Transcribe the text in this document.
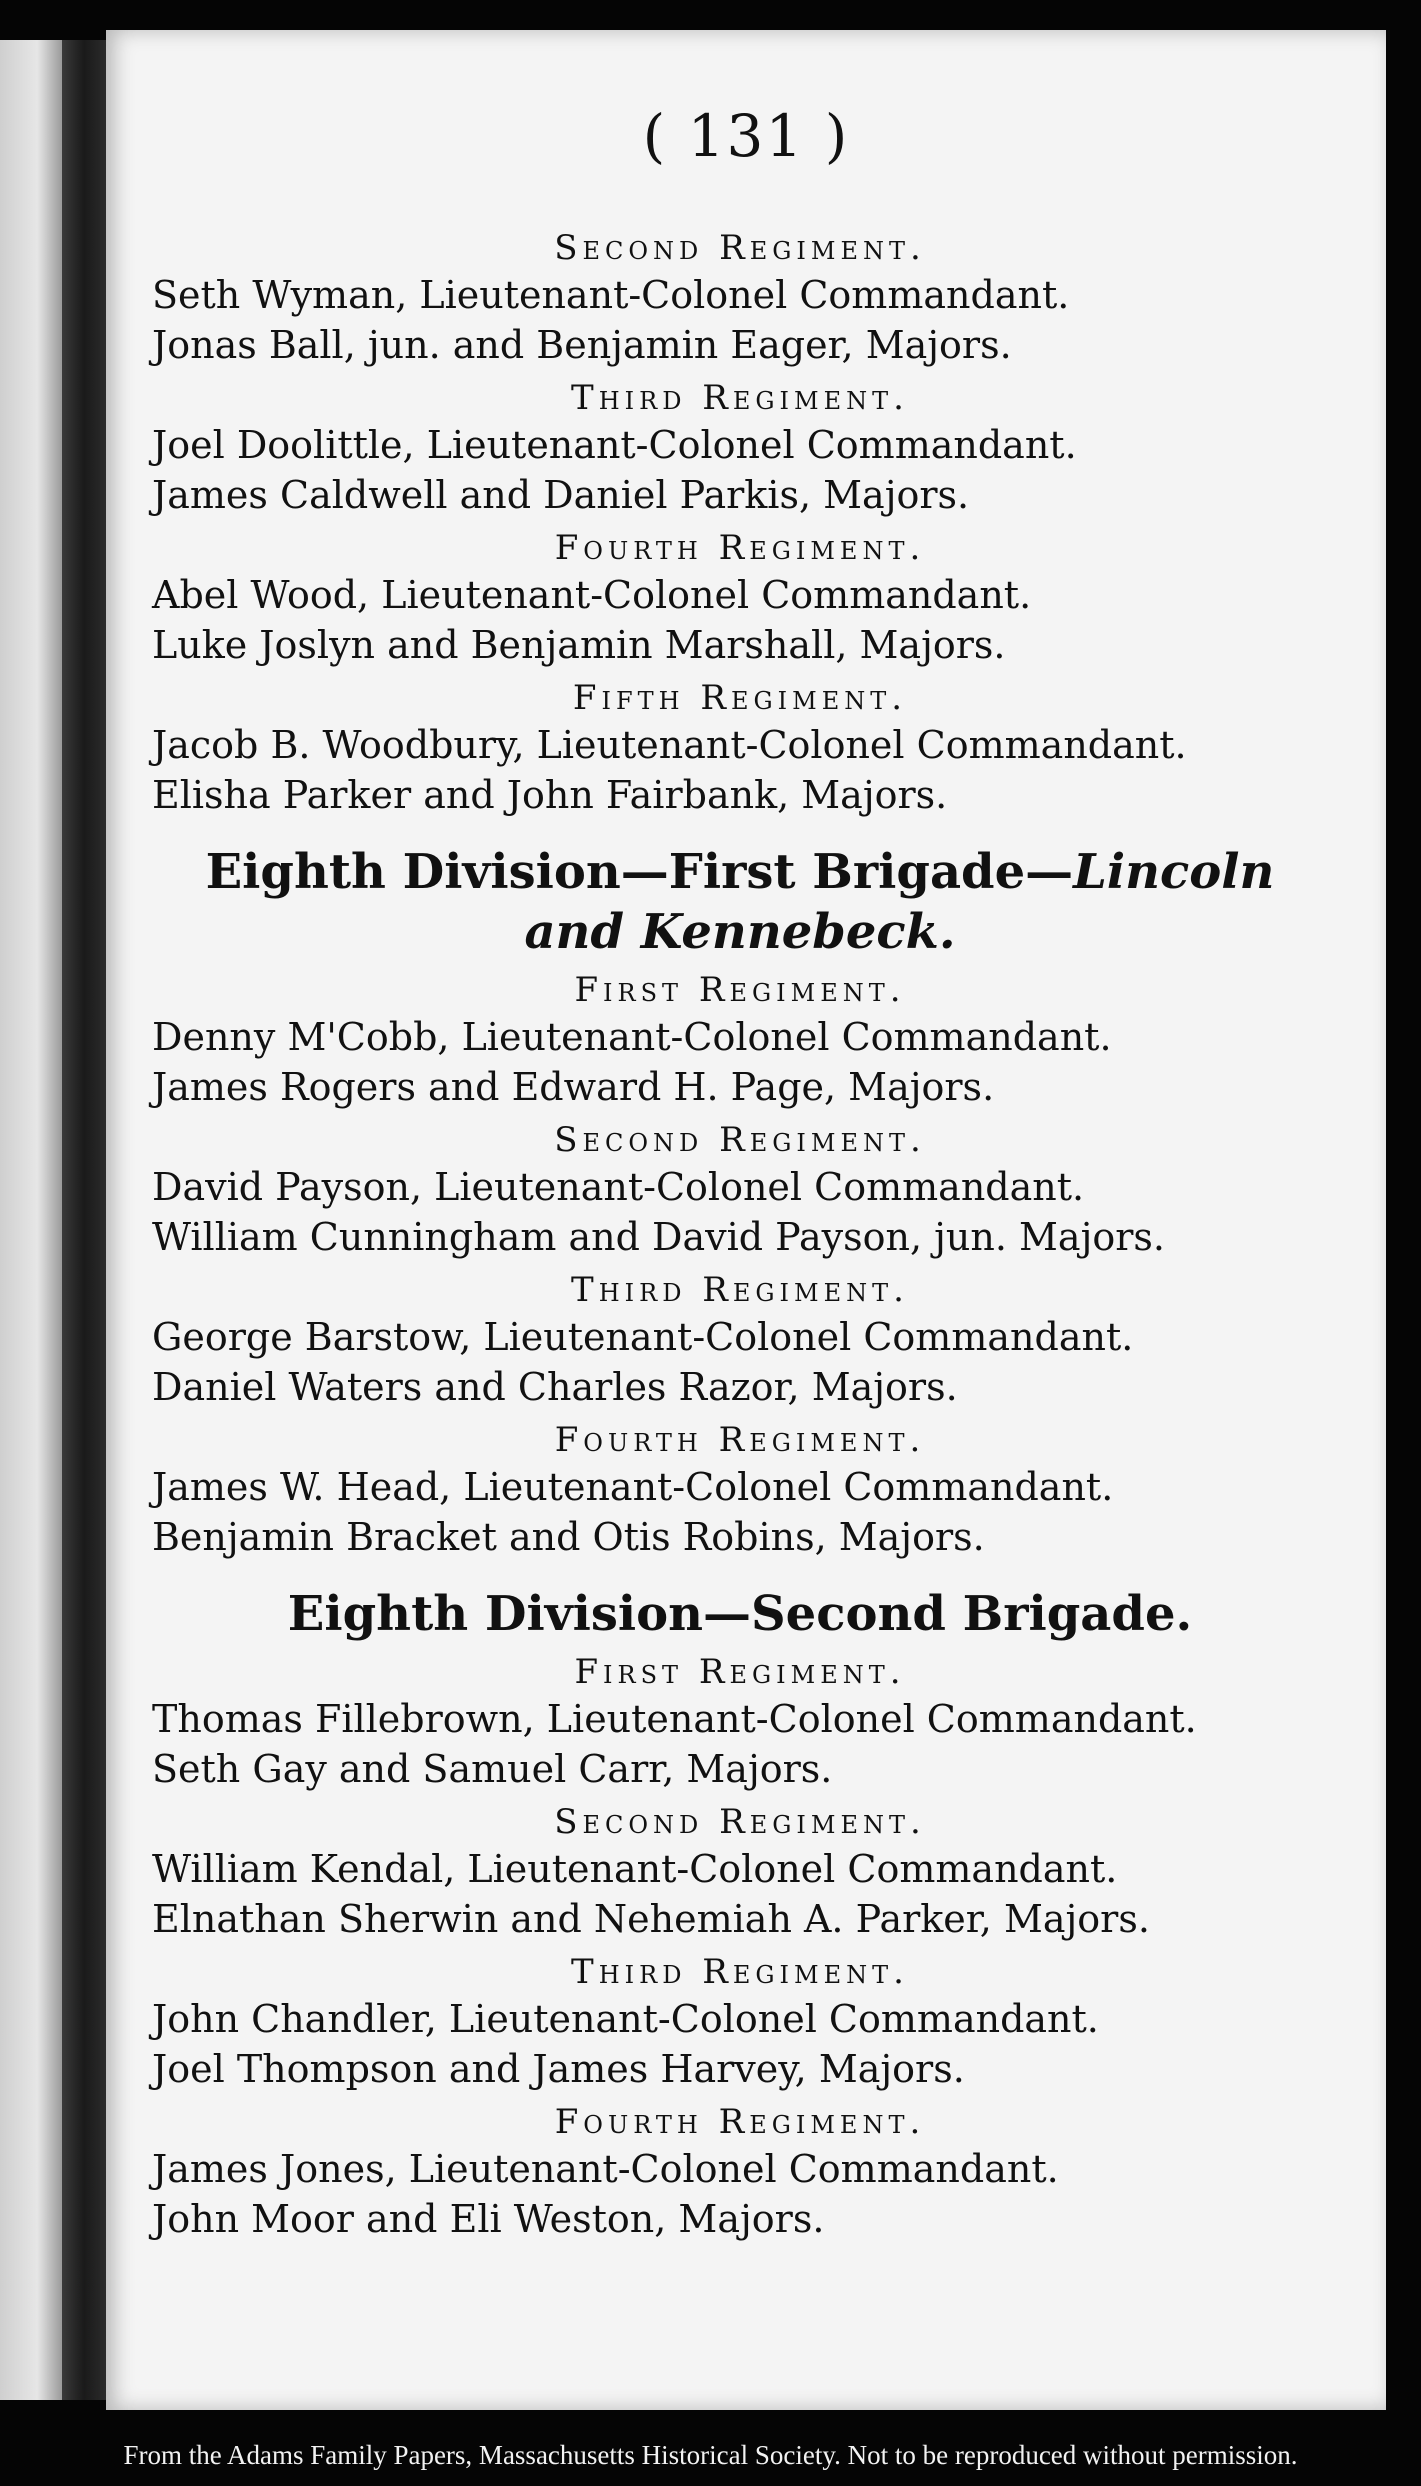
( 131 )
Second Regiment.
Seth Wyman, Lieutenant-Colonel Commandant.
Jonas Ball, jun. and Benjamin Eager, Majors.
Third Regiment.
Joel Doolittle, Lieutenant-Colonel Commandant.
James Caldwell and Daniel Parkis, Majors.
Fourth Regiment.
Abel Wood, Lieutenant-Colonel Commandant.
Luke Joslyn and Benjamin Marshall, Majors.
Fifth Regiment.
Jacob B. Woodbury, Lieutenant-Colonel Commandant.
Elisha Parker and John Fairbank, Majors.
Eighth Division—First Brigade—Lincoln and Kennebeck.
First Regiment.
Denny M'Cobb, Lieutenant-Colonel Commandant.
James Rogers and Edward H. Page, Majors.
Second Regiment.
David Payson, Lieutenant-Colonel Commandant.
William Cunningham and David Payson, jun. Majors.
Third Regiment.
George Barstow, Lieutenant-Colonel Commandant.
Daniel Waters and Charles Razor, Majors.
Fourth Regiment.
James W. Head, Lieutenant-Colonel Commandant.
Benjamin Bracket and Otis Robins, Majors.
Eighth Division—Second Brigade.
First Regiment.
Thomas Fillebrown, Lieutenant-Colonel Commandant.
Seth Gay and Samuel Carr, Majors.
Second Regiment.
William Kendal, Lieutenant-Colonel Commandant.
Elnathan Sherwin and Nehemiah A. Parker, Majors.
Third Regiment.
John Chandler, Lieutenant-Colonel Commandant.
Joel Thompson and James Harvey, Majors.
Fourth Regiment.
James Jones, Lieutenant-Colonel Commandant.
John Moor and Eli Weston, Majors.
From the Adams Family Papers, Massachusetts Historical Society. Not to be reproduced without permission.
